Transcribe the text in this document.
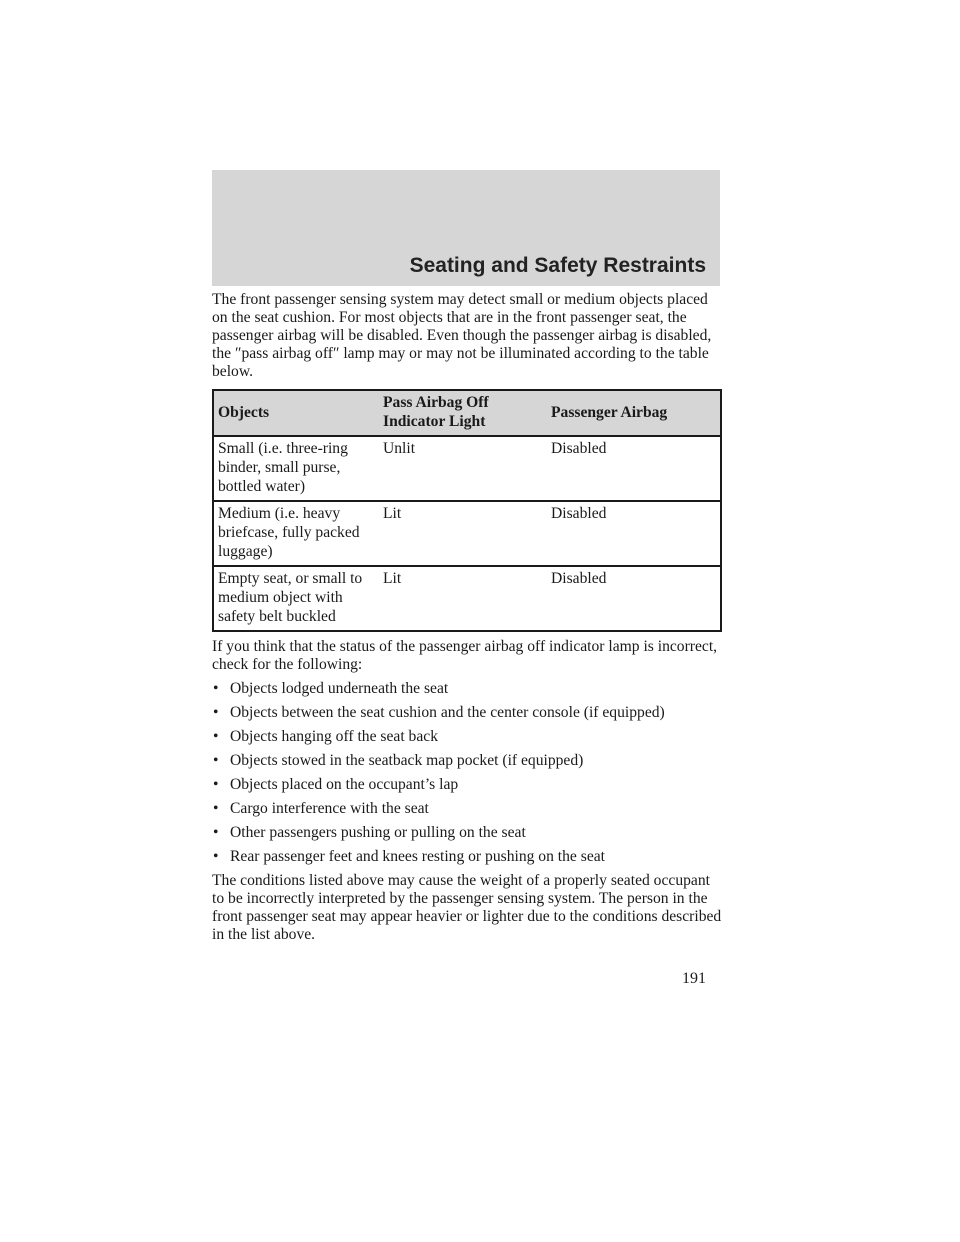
Seating and Safety Restraints

The front passenger sensing system may detect small or medium objects placed on the seat cushion. For most objects that are in the front passenger seat, the passenger airbag will be disabled. Even though the passenger airbag is disabled, the ″pass airbag off″ lamp may or may not be illuminated according to the table below.

Objects	Pass Airbag Off Indicator Light	Passenger Airbag
Small (i.e. three-ring binder, small purse, bottled water)	Unlit	Disabled
Medium (i.e. heavy briefcase, fully packed luggage)	Lit	Disabled
Empty seat, or small to medium object with safety belt buckled	Lit	Disabled

If you think that the status of the passenger airbag off indicator lamp is incorrect, check for the following:

• Objects lodged underneath the seat
• Objects between the seat cushion and the center console (if equipped)
• Objects hanging off the seat back
• Objects stowed in the seatback map pocket (if equipped)
• Objects placed on the occupant’s lap
• Cargo interference with the seat
• Other passengers pushing or pulling on the seat
• Rear passenger feet and knees resting or pushing on the seat

The conditions listed above may cause the weight of a properly seated occupant to be incorrectly interpreted by the passenger sensing system. The person in the front passenger seat may appear heavier or lighter due to the conditions described in the list above.

191
